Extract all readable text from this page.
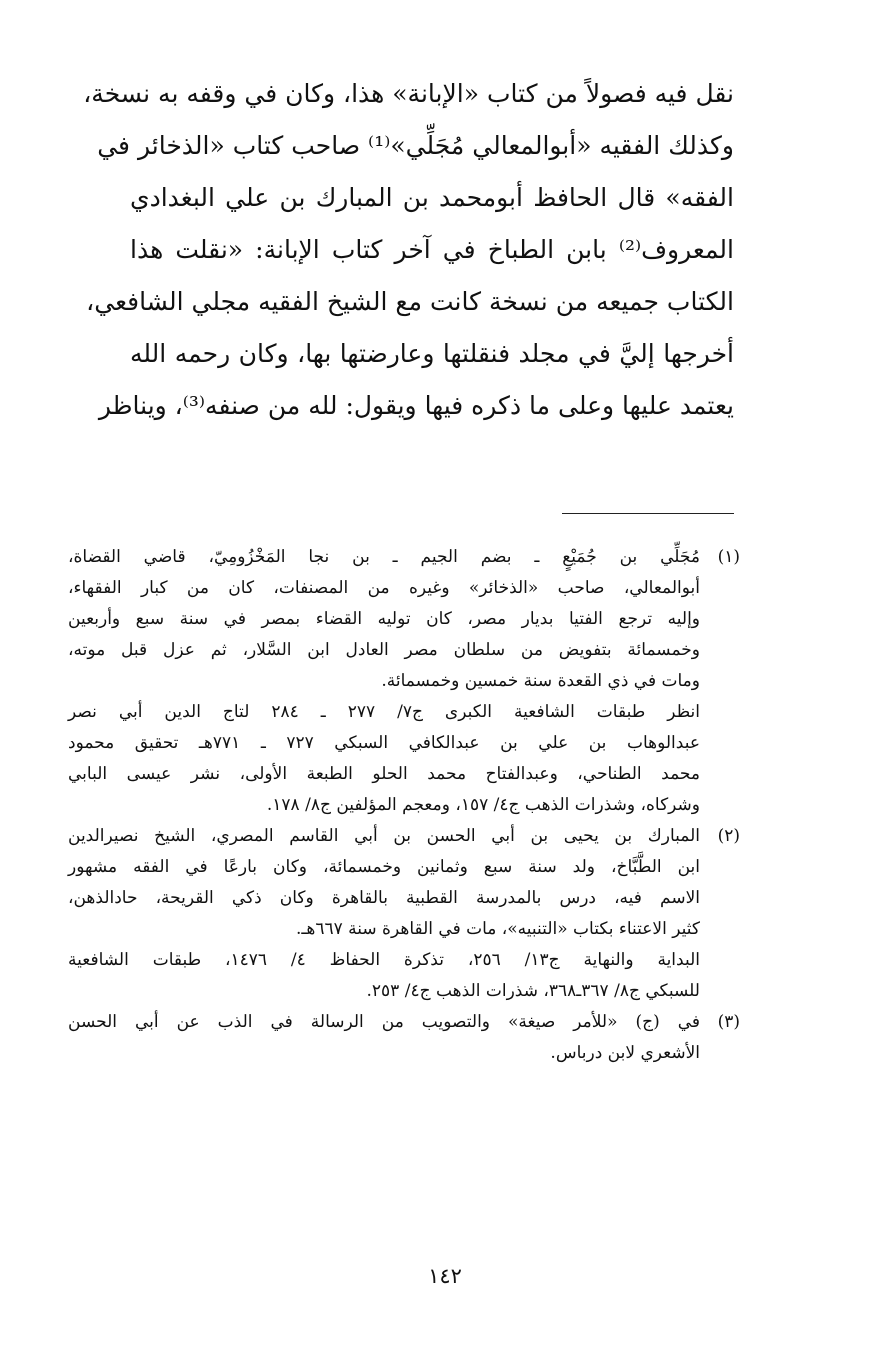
نقل فيه فصولاً من كتاب «الإبانة» هذا، وكان في وقفه به نسخة،
وكذلك الفقيه «أبوالمعالي مُجَلِّي»⁽¹⁾ صاحب كتاب «الذخائر في
الفقه» قال الحافظ أبومحمد بن المبارك بن علي البغدادي
المعروف⁽²⁾ بابن الطباخ في آخر كتاب الإبانة: «نقلت هذا
الكتاب جميعه من نسخة كانت مع الشيخ الفقيه مجلي الشافعي،
أخرجها إليَّ في مجلد فنقلتها وعارضتها بها، وكان رحمه الله
يعتمد عليها وعلى ما ذكره فيها ويقول: لله من صنفه⁽³⁾، ويناظر
(١)
مُجَلِّي بن جُمَيْعٍ ـ بضم الجيم ـ بن نجا المَخْزُومِيّ، قاضي القضاة،
أبوالمعالي، صاحب «الذخائر» وغيره من المصنفات، كان من كبار الفقهاء،
وإليه ترجع الفتيا بديار مصر، كان توليه القضاء بمصر في سنة سبع وأربعين
وخمسمائة بتفويض من سلطان مصر العادل ابن السَّلار، ثم عزل قبل موته،
ومات في ذي القعدة سنة خمسين وخمسمائة.
انظر طبقات الشافعية الكبرى ج٧/ ٢٧٧ ـ ٢٨٤ لتاج الدين أبي نصر
عبدالوهاب بن علي بن عبدالكافي السبكي ٧٢٧ ـ ٧٧١هـ تحقيق محمود
محمد الطناحي، وعبدالفتاح محمد الحلو الطبعة الأولى، نشر عيسى البابي
وشركاه، وشذرات الذهب ج٤/ ١٥٧، ومعجم المؤلفين ج٨/ ١٧٨.
(٢)
المبارك بن يحيى بن أبي الحسن بن أبي القاسم المصري، الشيخ نصيرالدين
ابن الطَّبَّاخ، ولد سنة سبع وثمانين وخمسمائة، وكان بارعًا في الفقه مشهور
الاسم فيه، درس بالمدرسة القطبية بالقاهرة وكان ذكي القريحة، حادالذهن،
كثير الاعتناء بكتاب «التنبيه»، مات في القاهرة سنة ٦٦٧هـ.
البداية والنهاية ج١٣/ ٢٥٦، تذكرة الحفاظ ٤/ ١٤٧٦، طبقات الشافعية
للسبكي ج٨/ ٣٦٧ـ٣٦٨، شذرات الذهب ج٤/ ٢٥٣.
(٣)
في (ج) «للأمر صيغة» والتصويب من الرسالة في الذب عن أبي الحسن
الأشعري لابن درباس.
١٤٢
